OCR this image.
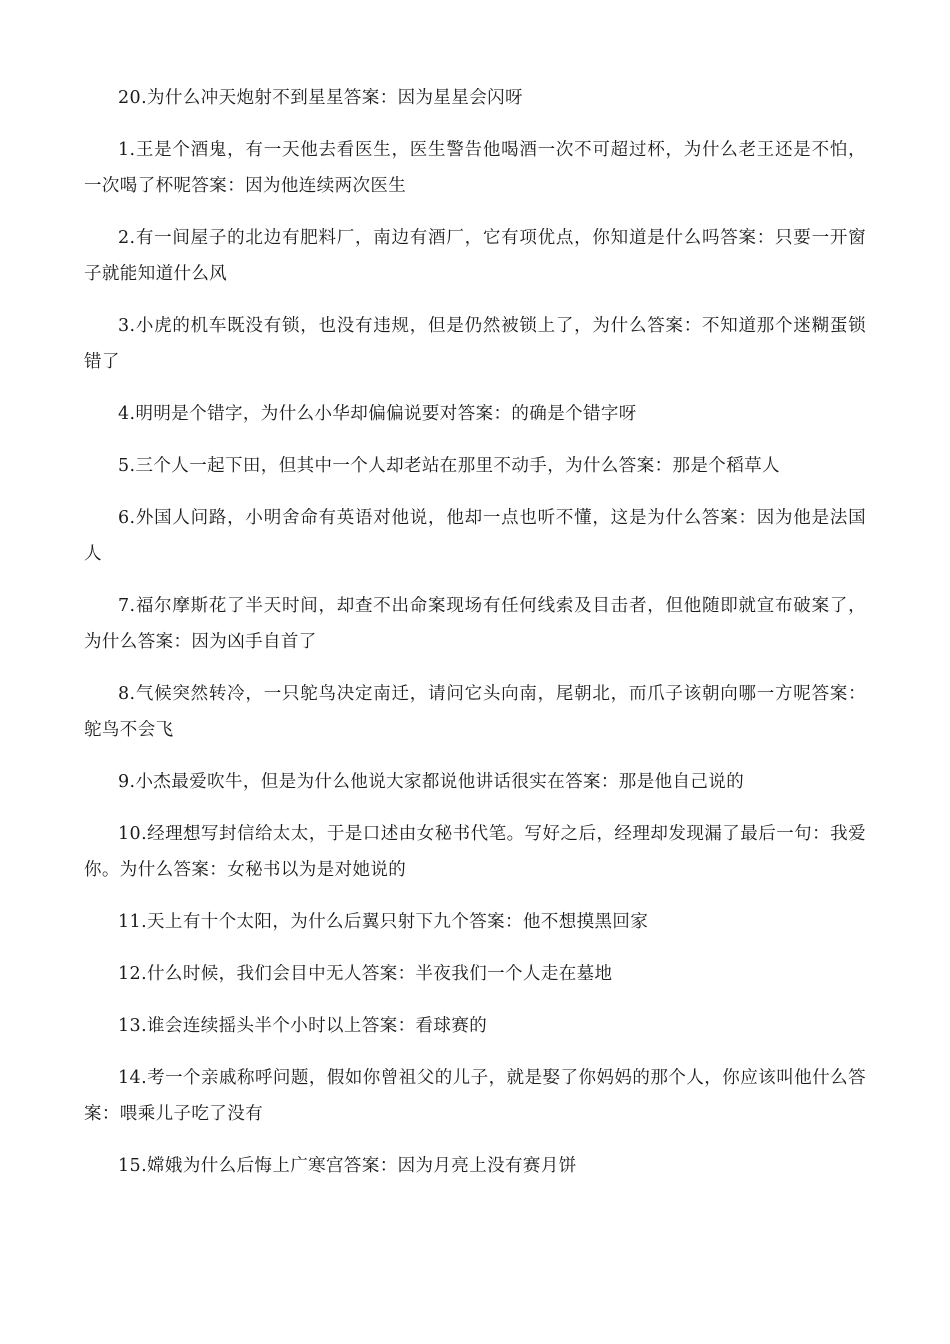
20.为什么冲天炮射不到星星答案：因为星星会闪呀

1.王是个酒鬼，有一天他去看医生，医生警告他喝酒一次不可超过杯，为什么老王还是不怕，一次喝了杯呢答案：因为他连续两次医生

2.有一间屋子的北边有肥料厂，南边有酒厂，它有项优点，你知道是什么吗答案：只要一开窗子就能知道什么风

3.小虎的机车既没有锁，也没有违规，但是仍然被锁上了，为什么答案：不知道那个迷糊蛋锁错了

4.明明是个错字，为什么小华却偏偏说要对答案：的确是个错字呀

5.三个人一起下田，但其中一个人却老站在那里不动手，为什么答案：那是个稻草人

6.外国人问路，小明舍命有英语对他说，他却一点也听不懂，这是为什么答案：因为他是法国人

7.福尔摩斯花了半天时间，却查不出命案现场有任何线索及目击者，但他随即就宣布破案了，为什么答案：因为凶手自首了

8.气候突然转冷，一只鸵鸟决定南迁，请问它头向南，尾朝北，而爪子该朝向哪一方呢答案：鸵鸟不会飞

9.小杰最爱吹牛，但是为什么他说大家都说他讲话很实在答案：那是他自己说的

10.经理想写封信给太太，于是口述由女秘书代笔。写好之后，经理却发现漏了最后一句：我爱你。为什么答案：女秘书以为是对她说的

11.天上有十个太阳，为什么后翼只射下九个答案：他不想摸黑回家

12.什么时候，我们会目中无人答案：半夜我们一个人走在墓地

13.谁会连续摇头半个小时以上答案：看球赛的

14.考一个亲戚称呼问题，假如你曾祖父的儿子，就是娶了你妈妈的那个人，你应该叫他什么答案：喂乘儿子吃了没有

15.嫦娥为什么后悔上广寒宫答案：因为月亮上没有赛月饼
